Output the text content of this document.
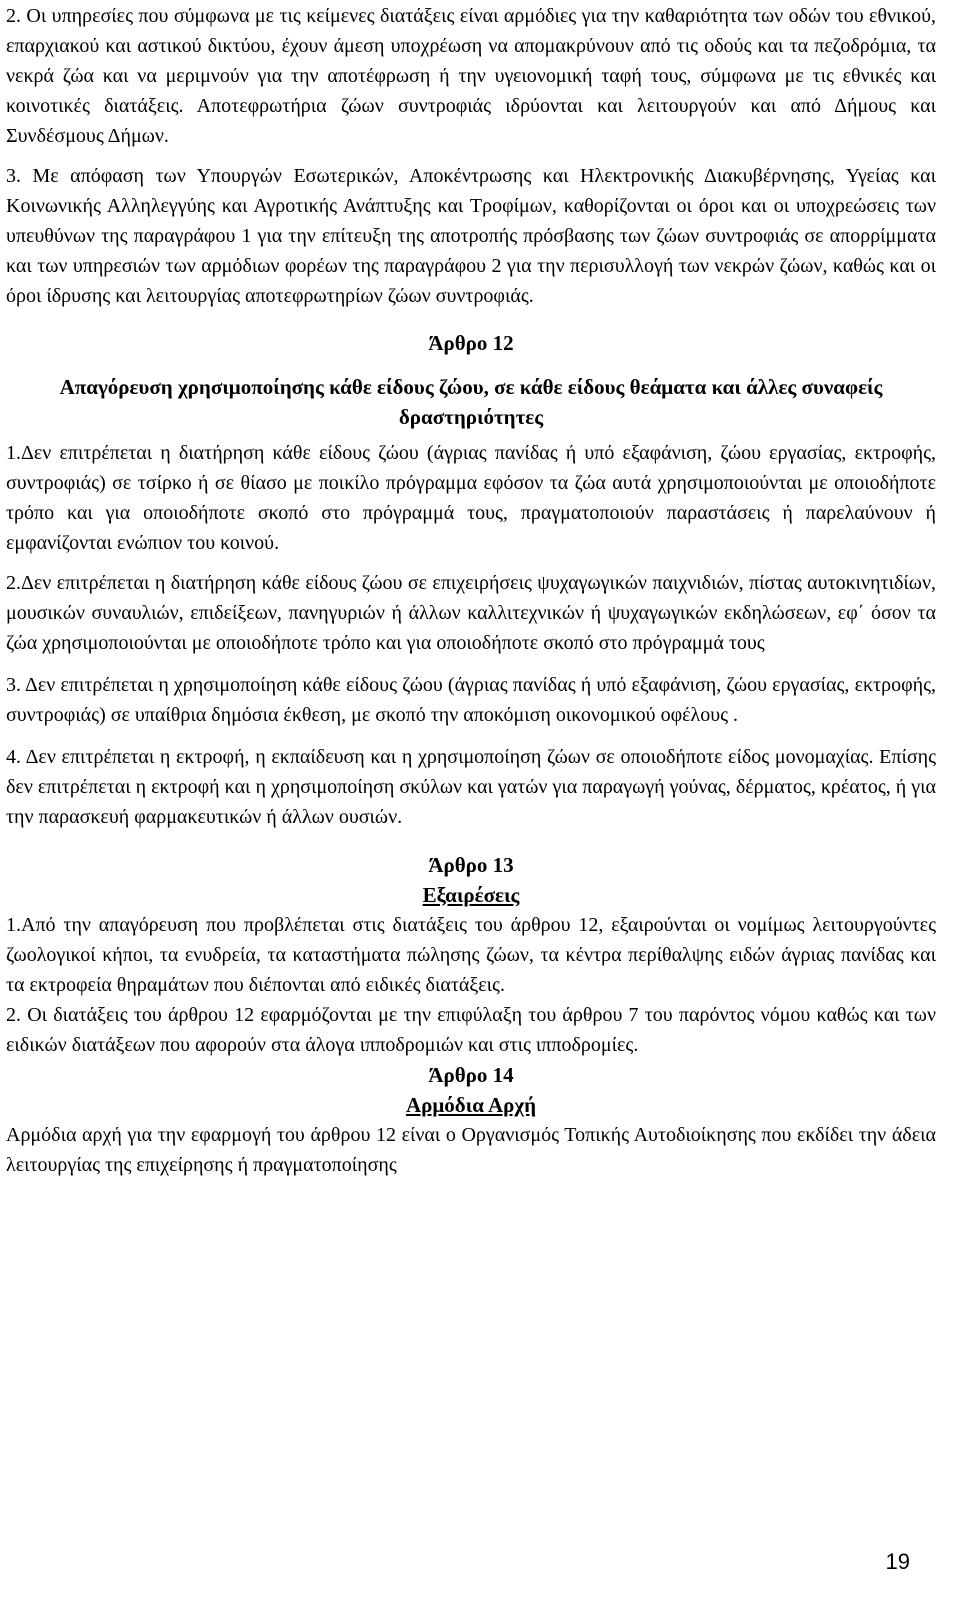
2. Οι υπηρεσίες που σύμφωνα με τις κείμενες διατάξεις είναι αρμόδιες για την καθαριότητα των οδών του εθνικού, επαρχιακού και αστικού δικτύου, έχουν άμεση υποχρέωση να απομακρύνουν από τις οδούς και τα πεζοδρόμια, τα νεκρά ζώα και να μεριμνούν για την αποτέφρωση ή την υγειονομική ταφή τους, σύμφωνα με τις εθνικές και κοινοτικές διατάξεις. Αποτεφρωτήρια ζώων συντροφιάς ιδρύονται και λειτουργούν και από Δήμους και Συνδέσμους Δήμων.

3. Με απόφαση των Υπουργών Εσωτερικών, Αποκέντρωσης και Ηλεκτρονικής Διακυβέρνησης, Υγείας και Κοινωνικής Αλληλεγγύης και Αγροτικής Ανάπτυξης και Τροφίμων, καθορίζονται οι όροι και οι υποχρεώσεις των υπευθύνων της παραγράφου 1 για την επίτευξη της αποτροπής πρόσβασης των ζώων συντροφιάς σε απορρίμματα και των υπηρεσιών των αρμόδιων φορέων της παραγράφου 2 για την περισυλλογή των νεκρών ζώων, καθώς και οι όροι ίδρυσης και λειτουργίας αποτεφρωτηρίων ζώων συντροφιάς.

Άρθρο 12

Απαγόρευση χρησιμοποίησης κάθε είδους ζώου, σε κάθε είδους θεάματα και άλλες συναφείς δραστηριότητες

1.Δεν επιτρέπεται η διατήρηση κάθε είδους ζώου (άγριας πανίδας ή υπό εξαφάνιση, ζώου εργασίας, εκτροφής, συντροφιάς) σε τσίρκο ή σε θίασο με ποικίλο πρόγραμμα εφόσον τα ζώα αυτά χρησιμοποιούνται με οποιοδήποτε τρόπο και για οποιοδήποτε σκοπό στο πρόγραμμά τους, πραγματοποιούν παραστάσεις ή παρελαύνουν ή εμφανίζονται ενώπιον του κοινού.

2.Δεν επιτρέπεται η διατήρηση κάθε είδους ζώου σε επιχειρήσεις ψυχαγωγικών παιχνιδιών, πίστας αυτοκινητιδίων, μουσικών συναυλιών, επιδείξεων, πανηγυριών ή άλλων καλλιτεχνικών ή ψυχαγωγικών εκδηλώσεων, εφ΄ όσον τα ζώα χρησιμοποιούνται με οποιοδήποτε τρόπο και για οποιοδήποτε σκοπό στο πρόγραμμά τους

3. Δεν επιτρέπεται η χρησιμοποίηση κάθε είδους ζώου (άγριας πανίδας ή υπό εξαφάνιση, ζώου εργασίας, εκτροφής, συντροφιάς) σε υπαίθρια δημόσια έκθεση, με σκοπό την αποκόμιση οικονομικού οφέλους .

4. Δεν επιτρέπεται η εκτροφή, η εκπαίδευση και η χρησιμοποίηση ζώων σε οποιοδήποτε είδος μονομαχίας. Επίσης δεν επιτρέπεται η εκτροφή και η χρησιμοποίηση σκύλων και γατών για παραγωγή γούνας, δέρματος, κρέατος, ή για την παρασκευή φαρμακευτικών ή άλλων ουσιών.

Άρθρο 13

Εξαιρέσεις

1.Από την απαγόρευση που προβλέπεται στις διατάξεις του άρθρου 12, εξαιρούνται οι νομίμως λειτουργούντες ζωολογικοί κήποι, τα ενυδρεία, τα καταστήματα πώλησης ζώων, τα κέντρα περίθαλψης ειδών άγριας πανίδας και τα εκτροφεία θηραμάτων που διέπονται από ειδικές διατάξεις.

2. Οι διατάξεις του άρθρου 12 εφαρμόζονται με την επιφύλαξη του άρθρου 7 του παρόντος νόμου καθώς και των ειδικών διατάξεων που αφορούν στα άλογα ιπποδρομιών και στις ιπποδρομίες.

Άρθρο 14

Αρμόδια Αρχή

Αρμόδια αρχή για την εφαρμογή του άρθρου 12 είναι ο Οργανισμός Τοπικής Αυτοδιοίκησης που εκδίδει την άδεια λειτουργίας της επιχείρησης ή πραγματοποίησης

19
